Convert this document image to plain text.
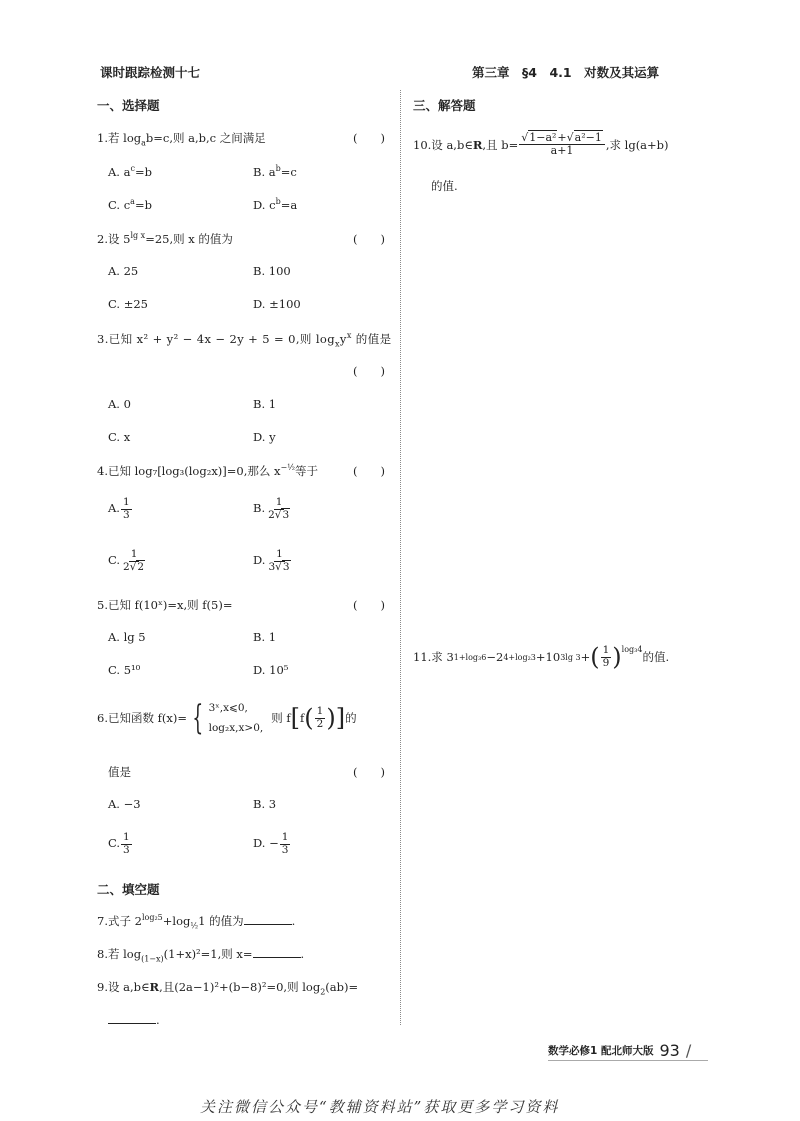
课时跟踪检测十七	第三章　§4　4.1　对数及其运算
一、选择题	三、解答题
二、填空题
1.若 $\log_ab=c$,则 a,b,c 之间满足	(　　)
A. $a^c=b$	B. $a^b=c$
C. $c^a=b$	D. $c^b=a$
2.设 $5^{lg x}=25$,则 x 的值为	(　　)
A. 25	B. 100
C. ±25	D. ±100
3.已知 x² + y² − 4x − 2y + 5 = 0,则 $\log_xy^x$ 的值是
(　　)
A. 0	B. 1
C. x	D. y
4.已知 log₇[log₃(log₂x)]=0,那么 $x^{-\frac{1}{2}}$等于	(　　)
A. $\frac{1}{3}$	B. $\frac{1}{2√3}$
C. $\frac{1}{2√2}$	D. $\frac{1}{3√3}$
5.已知 f(10ˣ)=x,则 f(5)=	(　　)
A. lg 5	B. 1
C. 5¹⁰	D. 10⁵
6.已知函数 f(x)= { 3ˣ,x⩽0,
log₂x,x>0,
则 f [ f ( 1
2 ) ] 的
值是	(　　)
A. −3	B. 3
C. $\frac{1}{3}$	D. − $\frac{1}{3}$
7.式子 $2^{log_25}+\log_{\frac{1}{2}}1$ 的值为	.
8.若 $\log_{(1-x)}(1+x)^2=1$,则 x=	.
9.设 a,b∈R,且(2a−1)²+(b−8)²=0,则 $\log_2(ab)=$
.
10.设 a,b∈ R ,且 $b= \frac{\text{√1−a²+√a²−1}}{a+1}$ ,求 lg(a+b)
的值.
11.求 3 1+log₃6 −2 4+log₂3 +10 3lg 3 + ( 1
9 )$^{log_34}$
的值.
数学必修1 配北师大版 93 /
关注微信公众号“教辅资料站”获取更多学习资料
